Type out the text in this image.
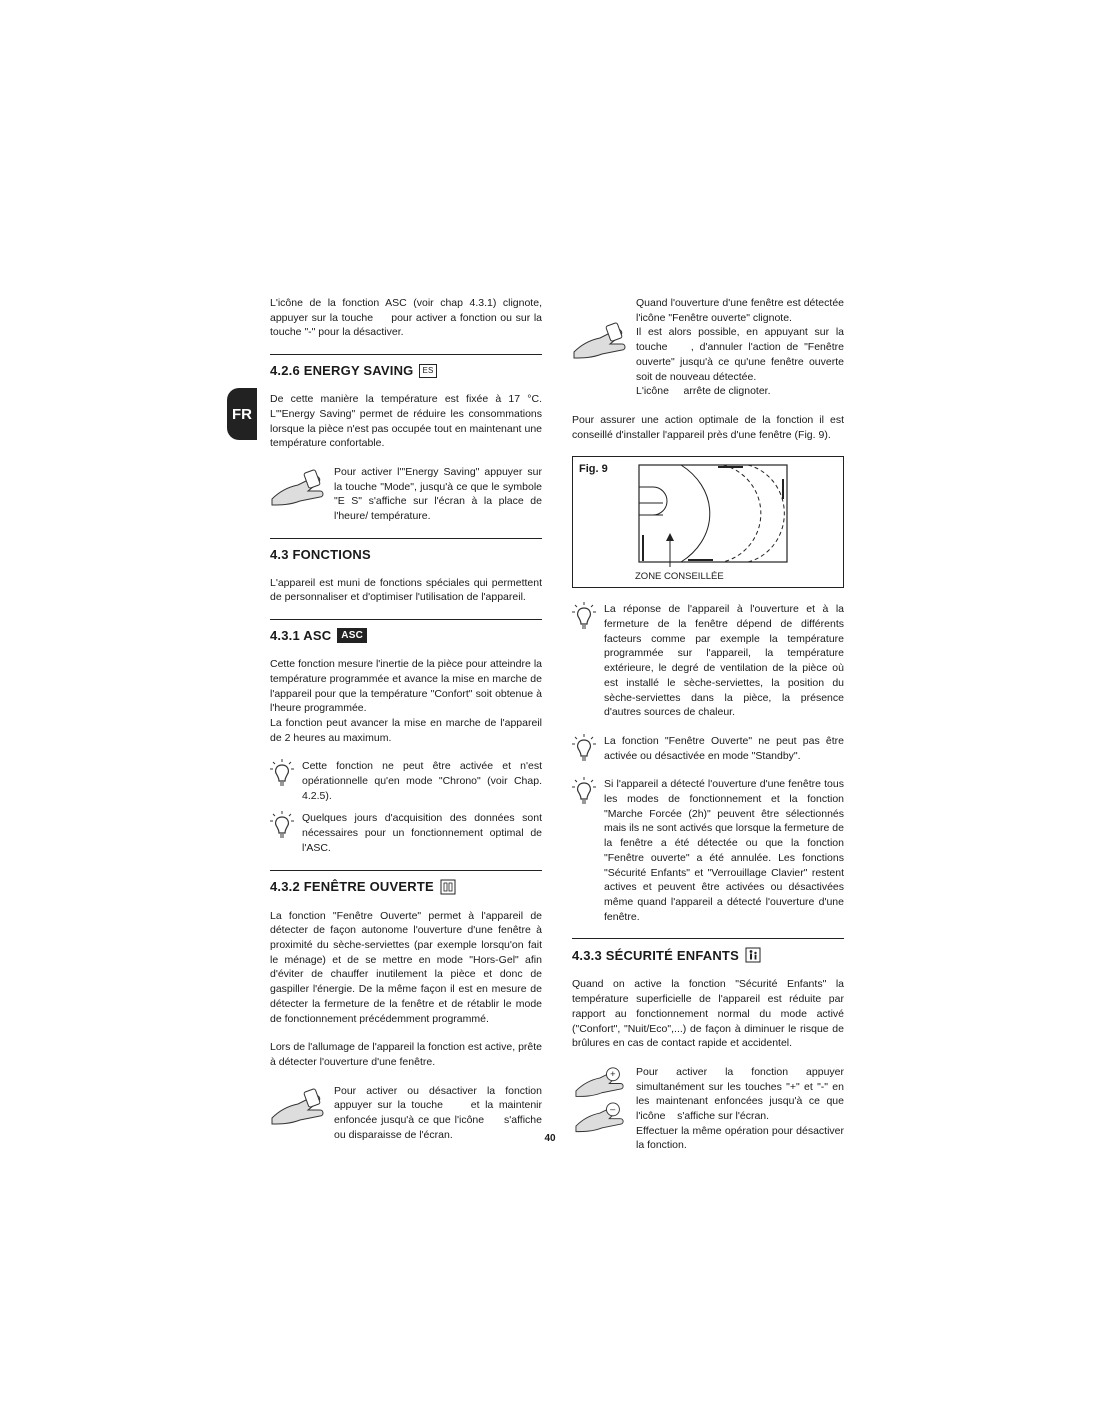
FR

L'icône de la fonction ASC (voir chap 4.3.1) clignote, appuyer sur la touche     pour activer a fonction ou sur la touche "-" pour la désactiver.

4.2.6 ENERGY SAVING	ES

De cette manière la température est fixée à 17 °C. L'"Energy Saving" permet de réduire les consommations lorsque la pièce n'est pas occupée tout en maintenant une température confortable.

Pour activer l'"Energy Saving" appuyer sur la touche "Mode", jusqu'à ce que le symbole "E S" s'affiche sur l'écran à la place de l'heure/ température.

4.3 FONCTIONS

L'appareil est muni de fonctions spéciales qui permettent de personnaliser et d'optimiser l'utilisation de l'appareil.

4.3.1 ASC	ASC

Cette fonction mesure l'inertie de la pièce pour atteindre la température programmée et avance la mise en marche de l'appareil pour que la température "Confort" soit obtenue à l'heure programmée.

La fonction peut avancer la mise en marche de l'appareil de 2 heures au maximum.

Cette fonction ne peut être activée et n'est opérationnelle qu'en mode "Chrono" (voir Chap. 4.2.5).

Quelques jours d'acquisition des données sont nécessaires pour un fonctionnement optimal de l'ASC.

4.3.2 FENÊTRE OUVERTE

La fonction "Fenêtre Ouverte" permet à l'appareil de détecter de façon autonome l'ouverture d'une fenêtre à proximité du sèche-serviettes (par exemple lorsqu'on fait le ménage) et de se mettre en mode "Hors-Gel" afin d'éviter de chauffer inutilement la pièce et donc de gaspiller l'énergie. De la même façon il est en mesure de détecter la fermeture de la fenêtre et de rétablir le mode de fonctionnement précédemment programmé.

Lors de l'allumage de l'appareil la fonction est active, prête à détecter l'ouverture d'une fenêtre.

Pour activer ou désactiver la fonction appuyer sur la touche     et la maintenir enfoncée jusqu'à ce que l'icône     s'affiche ou disparaisse de l'écran.

Quand l'ouverture d'une fenêtre est détectée l'icône "Fenêtre ouverte" clignote.

Il est alors possible, en appuyant sur la touche    , d'annuler l'action de "Fenêtre ouverte" jusqu'à ce qu'une fenêtre ouverte soit de nouveau détectée.

L'icône     arrête de clignoter.

Pour assurer une action optimale de la fonction il est conseillé d'installer l'appareil près d'une fenêtre (Fig. 9).

Fig. 9
ZONE CONSEILLÉE

La réponse de l'appareil à l'ouverture et à la fermeture de la fenêtre dépend de différents facteurs comme par exemple la température programmée sur l'appareil, la température extérieure, le degré de ventilation de la pièce où est installé le sèche-serviettes, la position du sèche-serviettes dans la pièce, la présence d'autres sources de chaleur.

La fonction "Fenêtre Ouverte" ne peut pas être activée ou désactivée en mode "Standby".

Si l'appareil a détecté l'ouverture d'une fenêtre tous les modes de fonctionnement et la fonction "Marche Forcée (2h)" peuvent être sélectionnés mais ils ne sont activés que lorsque la fermeture de la fenêtre a été détectée ou que la fonction "Fenêtre ouverte" a été annulée. Les fonctions "Sécurité Enfants" et "Verrouillage Clavier" restent actives et peuvent être activées ou désactivées même quand l'appareil a détecté l'ouverture d'une fenêtre.

4.3.3 SÉCURITÉ ENFANTS

Quand on active la fonction "Sécurité Enfants" la température superficielle de l'appareil est réduite par rapport au fonctionnement normal du mode activé ("Confort", "Nuit/Eco",...) de façon à diminuer le risque de brûlures en cas de contact rapide et accidentel.

+
–

Pour activer la fonction appuyer simultanément sur les touches "+" et "-" en les maintenant enfoncées jusqu'à ce que l'icône    s'affiche sur l'écran.

Effectuer la même opération pour désactiver la fonction.

40
